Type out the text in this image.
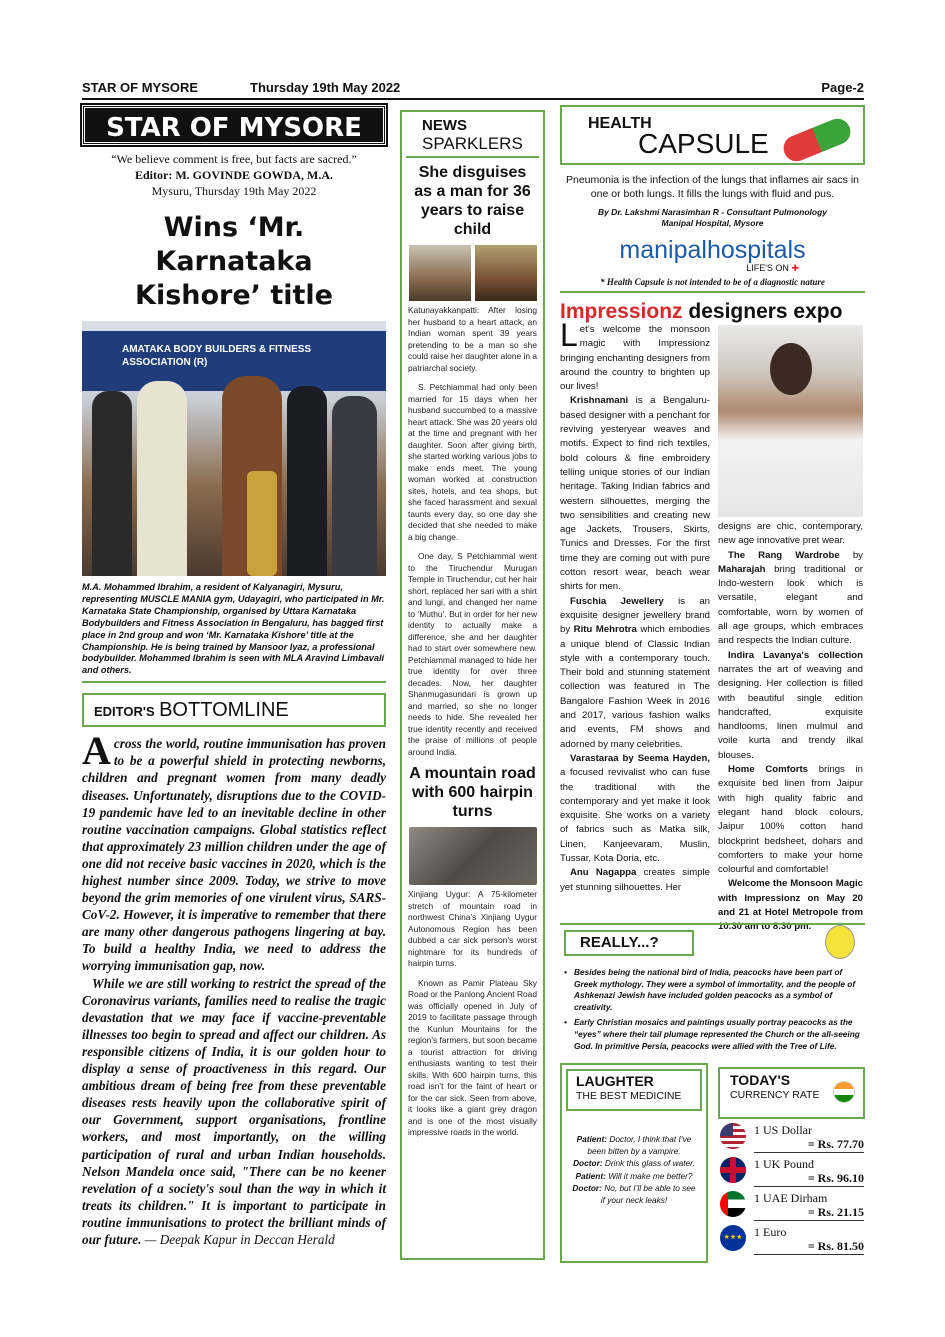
STAR OF MYSORE	Thursday 19th May 2022	Page-2
STAR OF MYSORE
“We believe comment is free, but facts are sacred.”
Editor: M. GOVINDE GOWDA, M.A.
Mysuru, Thursday 19th May 2022
Wins ‘Mr. Karnataka
Kishore’ title
AMATAKA BODY BUILDERS & FITNESS ASSOCIATION (R)
M.A. Mohammed Ibrahim, a resident of Kalyanagiri, Mysuru, representing MUSCLE MANIA gym, Udayagiri, who participated in Mr. Karnataka State Championship, organised by Uttara Karnataka Bodybuilders and Fitness Association in Bengaluru, has bagged first place in 2nd group and won ‘Mr. Karnataka Kishore’ title at the Championship. He is being trained by Mansoor Iyaz, a professional bodybuilder. Mohammed Ibrahim is seen with MLA Aravind Limbavali and others.
EDITOR'S BOTTOMLINE

Across the world, routine immunisation has proven to be a powerful shield in protecting newborns, children and pregnant women from many deadly diseases. Unfortunately, disruptions due to the COVID-19 pandemic have led to an inevitable decline in other routine vaccination campaigns. Global statistics reflect that approximately 23 million children under the age of one did not receive basic vaccines in 2020, which is the highest number since 2009. Today, we strive to move beyond the grim memories of one virulent virus, SARS-CoV-2. However, it is imperative to remember that there are many other dangerous pathogens lingering at bay. To build a healthy India, we need to address the worrying immunisation gap, now.

While we are still working to restrict the spread of the Coronavirus variants, families need to realise the tragic devastation that we may face if vaccine-preventable illnesses too begin to spread and affect our children. As responsible citizens of India, it is our golden hour to display a sense of proactiveness in this regard. Our ambitious dream of being free from these preventable diseases rests heavily upon the collaborative spirit of our Government, support organisations, frontline workers, and most importantly, on the willing participation of rural and urban Indian households. Nelson Mandela once said, "There can be no keener revelation of a society's soul than the way in which it treats its children." It is important to participate in routine immunisations to protect the brilliant minds of our future. — Deepak Kapur in Deccan Herald

NEWS
SPARKLERS
She disguises as a man for 36 years to raise child
Katunayakkanpatti: After losing her husband to a heart attack, an Indian woman spent 39 years pretending to be a man so she could raise her daughter alone in a patriarchal society.
S. Petchiammal had only been married for 15 days when her husband succumbed to a massive heart attack. She was 20 years old at the time and pregnant with her daughter. Soon after giving birth, she started working various jobs to make ends meet. The young woman worked at construction sites, hotels, and tea shops, but she faced harassment and sexual taunts every day, so one day she decided that she needed to make a big change.
One day, S Petchiammal went to the Tiruchendur Murugan Temple in Tiruchendur, cut her hair short, replaced her sari with a shirt and lungi, and changed her name to ‘Muthu’. But in order for her new identity to actually make a difference, she and her daughter had to start over somewhere new. Petchiammal managed to hide her true identity for over three decades. Now, her daughter Shanmugasundari is grown up and married, so she no longer needs to hide. She revealed her true identity recently and received the praise of millions of people around India.
A mountain road with 600 hairpin turns
Xinjiang Uygur: A 75-kilometer stretch of mountain road in northwest China’s Xinjiang Uygur Autonomous Region has been dubbed a car sick person’s worst nightmare for its hundreds of hairpin turns.
Known as Pamir Plateau Sky Road or the Panlong Ancient Road was officially opened in July of 2019 to facilitate passage through the Kunlun Mountains for the region’s farmers, but soon became a tourist attraction for driving enthusiasts wanting to test their skills. With 600 hairpin turns, this road isn’t for the faint of heart or for the car sick. Seen from above, it looks like a giant grey dragon and is one of the most visually impressive roads in the world.
HEALTH
CAPSULE
Pneumonia is the infection of the lungs that inflames air sacs in one or both lungs. It fills the lungs with fluid and pus.
By Dr. Lakshmi Narasimhan R - Consultant Pulmonology
Manipal Hospital, Mysore
manipalhospitals
LIFE'S ON ✚
* Health Capsule is not intended to be of a diagnostic nature
Impressionz designers expo

Let’s welcome the monsoon magic with Impressionz bringing enchanting designers from around the country to brighten up our lives!

Krishnamani is a Bengaluru-based designer with a penchant for reviving yesteryear weaves and motifs. Expect to find rich textiles, bold colours & fine embroidery telling unique stories of our Indian heritage. Taking Indian fabrics and western silhouettes, merging the two sensibilities and creating new age Jackets, Trousers, Skirts, Tunics and Dresses. For the first time they are coming out with pure cotton resort wear, beach wear shirts for men.

Fuschia Jewellery is an exquisite designer jewellery brand by Ritu Mehrotra which embodies a unique blend of Classic Indian style with a contemporary touch. Their bold and stunning statement collection was featured in The Bangalore Fashion Week in 2016 and 2017, various fashion walks and events, FM shows and adorned by many celebrities.

Varastaraa by Seema Hayden, a focused revivalist who can fuse the traditional with the contemporary and yet make it look exquisite. She works on a variety of fabrics such as Matka silk, Linen, Kanjeevaram, Muslin, Tussar, Kota Doria, etc.

Anu Nagappa creates simple yet stunning silhouettes. Her

designs are chic, contemporary, new age innovative pret wear.

The Rang Wardrobe by Maharajah bring traditional or Indo-western look which is versatile, elegant and comfortable, worn by women of all age groups, which embraces and respects the Indian culture.

Indira Lavanya's collection narrates the art of weaving and designing. Her collection is filled with beautiful single edition handcrafted, exquisite handlooms, linen mulmul and voile kurta and trendy ilkal blouses.

Home Comforts brings in exquisite bed linen from Jaipur with high quality fabric and elegant hand block colours, Jaipur 100% cotton hand blockprint bedsheet, dohars and comforters to make your home colourful and comfortable!

Welcome the Monsoon Magic with Impressionz on May 20 and 21 at Hotel Metropole from 10.30 am to 8.30 pm.

REALLY...?
• Besides being the national bird of India, peacocks have been part of Greek mythology. They were a symbol of immortality, and the people of Ashkenazi Jewish have included golden peacocks as a symbol of creativity.
• Early Christian mosaics and paintings usually portray peacocks as the “eyes” where their tail plumage represented the Church or the all-seeing God. In primitive Persia, peacocks were allied with the Tree of Life.
LAUGHTER
THE BEST MEDICINE
Patient: Doctor, I think that I’ve been bitten by a vampire.
Doctor: Drink this glass of water.
Patient: Will it make me better?
Doctor: No, but I’ll be able to see if your neck leaks!
TODAY'S
CURRENCY RATE
1 US Dollar
= Rs. 77.70
1 UK Pound
= Rs. 96.10
1 UAE Dirham
= Rs. 21.15
★★★ 1 Euro
= Rs. 81.50
